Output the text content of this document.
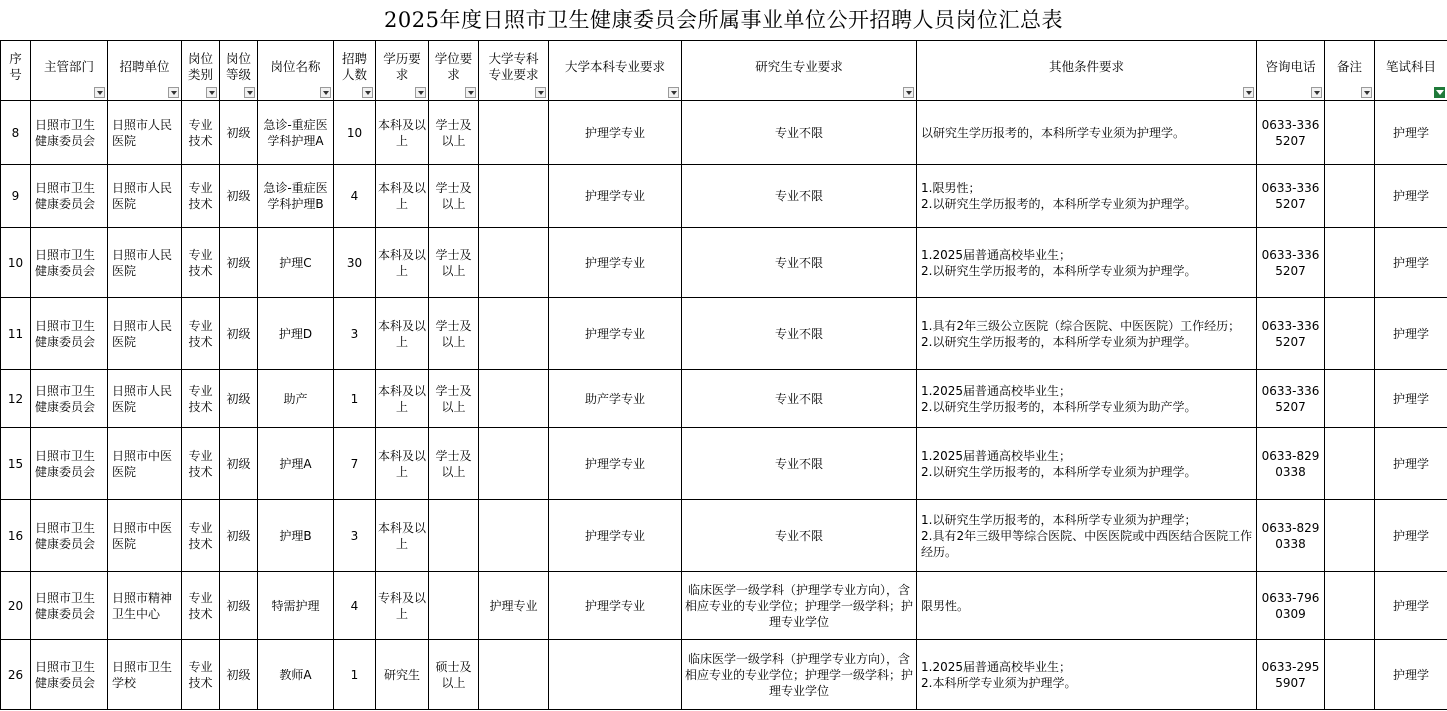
2025年度日照市卫生健康委员会所属事业单位公开招聘人员岗位汇总表
序号	主管部门	招聘单位	岗位类别	岗位等级	岗位名称	招聘人数	学历要求	学位要求	大学专科专业要求	大学本科专业要求	研究生专业要求	其他条件要求	咨询电话	备注	笔试科目

8	日照市卫生健康委员会	日照市人民医院	专业技术	初级	急诊-重症医学科护理A	10	本科及以上	学士及以上		护理学专业	专业不限	以研究生学历报考的，本科所学专业须为护理学。	0633-3365207		护理学
9	日照市卫生健康委员会	日照市人民医院	专业技术	初级	急诊-重症医学科护理B	4	本科及以上	学士及以上		护理学专业	专业不限	1.限男性；
2.以研究生学历报考的，本科所学专业须为护理学。	0633-3365207		护理学
10	日照市卫生健康委员会	日照市人民医院	专业技术	初级	护理C	30	本科及以上	学士及以上		护理学专业	专业不限	1.2025届普通高校毕业生；
2.以研究生学历报考的，本科所学专业须为护理学。	0633-3365207		护理学
11	日照市卫生健康委员会	日照市人民医院	专业技术	初级	护理D	3	本科及以上	学士及以上		护理学专业	专业不限	1.具有2年三级公立医院（综合医院、中医医院）工作经历；
2.以研究生学历报考的，本科所学专业须为护理学。	0633-3365207		护理学
12	日照市卫生健康委员会	日照市人民医院	专业技术	初级	助产	1	本科及以上	学士及以上		助产学专业	专业不限	1.2025届普通高校毕业生；
2.以研究生学历报考的，本科所学专业须为助产学。	0633-3365207		护理学
15	日照市卫生健康委员会	日照市中医医院	专业技术	初级	护理A	7	本科及以上	学士及以上		护理学专业	专业不限	1.2025届普通高校毕业生；
2.以研究生学历报考的，本科所学专业须为护理学。	0633-8290338		护理学
16	日照市卫生健康委员会	日照市中医医院	专业技术	初级	护理B	3	本科及以上			护理学专业	专业不限	1.以研究生学历报考的，本科所学专业须为护理学；
2.具有2年三级甲等综合医院、中医医院或中西医结合医院工作经历。	0633-8290338		护理学
20	日照市卫生健康委员会	日照市精神卫生中心	专业技术	初级	特需护理	4	专科及以上		护理专业	护理学专业	临床医学一级学科（护理学专业方向），含相应专业的专业学位；护理学一级学科；护理专业学位	限男性。	0633-7960309		护理学
26	日照市卫生健康委员会	日照市卫生学校	专业技术	初级	教师A	1	研究生	硕士及以上			临床医学一级学科（护理学专业方向），含相应专业的专业学位；护理学一级学科；护理专业学位	1.2025届普通高校毕业生；
2.本科所学专业须为护理学。	0633-2955907		护理学
